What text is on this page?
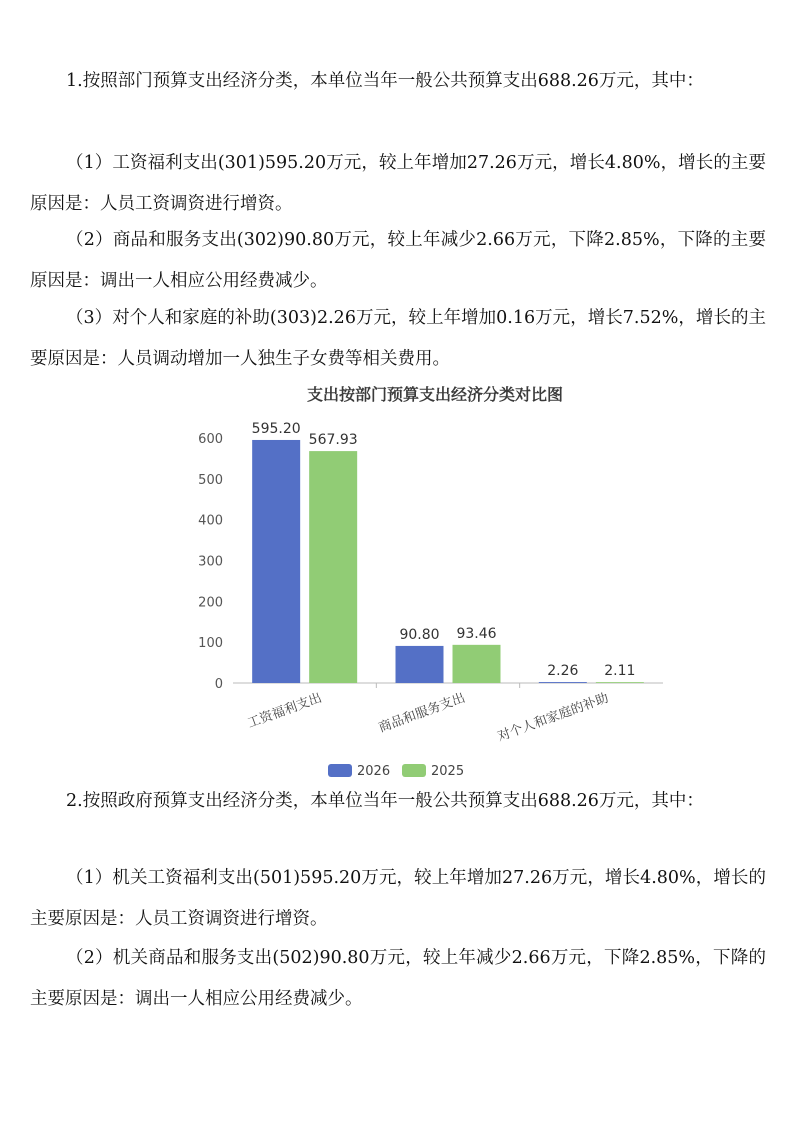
1.按照部门预算支出经济分类，本单位当年一般公共预算支出688.26万元，其中：

（1）工资福利支出(301)595.20万元，较上年增加27.26万元，增长4.80%，增长的主要原因是：人员工资调资进行增资。

（2）商品和服务支出(302)90.80万元，较上年减少2.66万元，下降2.85%，下降的主要原因是：调出一人相应公用经费减少。

（3）对个人和家庭的补助(303)2.26万元，较上年增加0.16万元，增长7.52%，增长的主要原因是：人员调动增加一人独生子女费等相关费用。

支出按部门预算支出经济分类对比图
0
100
200
300
400
500
600
595.20
567.93
90.80 93.46
2.26 2.11
工资福利支出	商品和服务支出 对个人和家庭的补助
2026	2025

2.按照政府预算支出经济分类，本单位当年一般公共预算支出688.26万元，其中：

（1）机关工资福利支出(501)595.20万元，较上年增加27.26万元，增长4.80%，增长的主要原因是：人员工资调资进行增资。

（2）机关商品和服务支出(502)90.80万元，较上年减少2.66万元，下降2.85%，下降的主要原因是：调出一人相应公用经费减少。
